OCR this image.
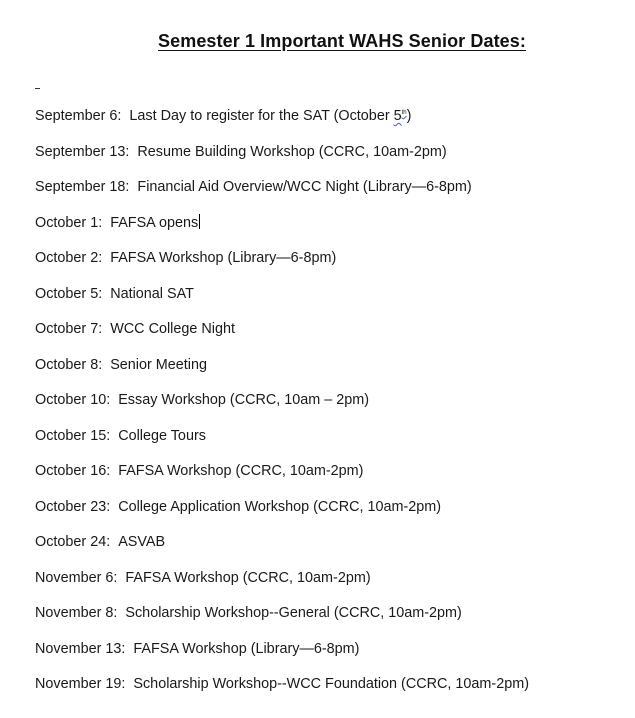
Semester 1 Important WAHS Senior Dates:
September 6 : Last Day to register for the SAT (October 5th)
September 13 : Resume Building Workshop (CCRC, 10am-2pm)
September 18 : Financial Aid Overview/WCC Night (Library—6-8pm)
October 1 : FAFSA opens
October 2 : FAFSA Workshop (Library—6-8pm)
October 5 : National SAT
October 7 : WCC College Night
October 8 : Senior Meeting
October 10 : Essay Workshop (CCRC, 10am – 2pm)
October 15 : College Tours
October 16 : FAFSA Workshop (CCRC, 10am-2pm)
October 23 : College Application Workshop (CCRC, 10am-2pm)
October 24 : ASVAB
November 6 : FAFSA Workshop (CCRC, 10am-2pm)
November 8 : Scholarship Workshop--General (CCRC, 10am-2pm)
November 13 : FAFSA Workshop (Library—6-8pm)
November 19 : Scholarship Workshop--WCC Foundation (CCRC, 10am-2pm)
